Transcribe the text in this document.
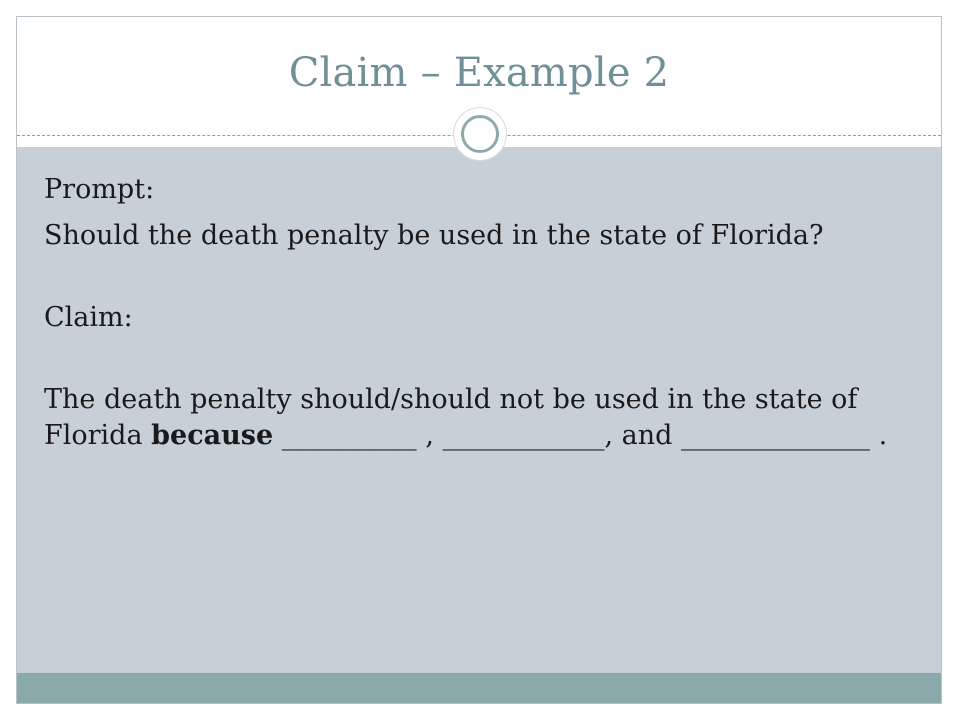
Claim – Example 2

Prompt:

Should the death penalty be used in the state of Florida?

Claim:

The death penalty should/should not be used in the state of Florida because __________ , ____________, and ______________ .
